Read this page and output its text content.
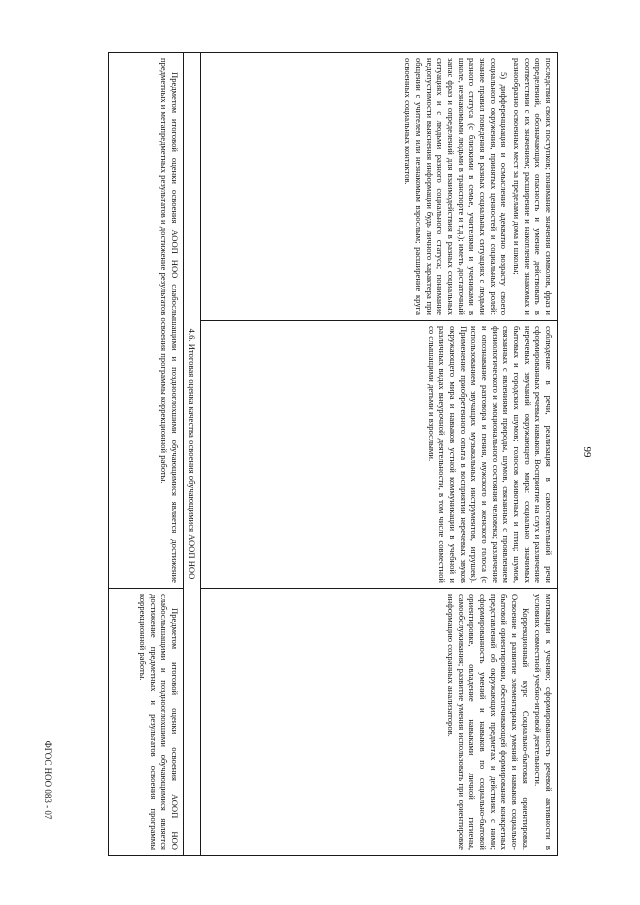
99
ФГОС НОО 083 - 07

последствия своих поступков; понимание значения символов, фраз и определений, обозначающих опасность и умение действовать в соответствии с их значением; расширение и накопление знакомых и разнообразно освоенных мест за пределами дома и школы;

5) дифференциация и осмысление адекватно возрасту своего социального окружения, принятых ценностей и социальных ролей: знание правил поведения в разных социальных ситуациях с людьми разного статуса (с близкими в семье, учителями и учениками в школе, незнакомыми людьми в транспорте и т.д.); иметь достаточный запас фраз и определений для взаимодействия в разных социальных ситуациях и с людьми разного социального статуса; понимание недопустимости выяснения информации будь личного характера при общении с учителем или незнакомым взрослым; расширение круга освоенных социальных контактов.

соблюдение в речи, реализация в самостоятельной речи сформированных речевых навыков. Восприятие на слух и различение неречевых звучаний окружающего мира: социально значимых бытовых и городских шумов; голосов животных и птиц; шумов, связанных с явлениями природы, шумов, связанных с проявлением физиологического и эмоционального состояния человека; различение и опознавание разговора и пения, мужского и женского голоса (с использованием звучащих музыкальных инструментов, игрушек). Применение приобретенного опыта в восприятии неречевых звуков окружающего мира и навыков устной коммуникации в учебной и различных видах внеурочной деятельности, в том числе совместной со слышащими детьми и взрослыми.

мотивации к учению; сформированность речевой активности в условиях совместной учебно-игровой деятельности.

Коррекционный курс Социально-бытовая ориентировка. Освоение и развитие элементарных умений и навыков социально-бытовой ориентировки, обеспечивающей формирование конкретных представлений об окружающих предметах и действиях с ними; сформированность умений и навыков по социально-бытовой ориентировке, овладение навыками личной гигиены, самообслуживания; развитие умения использовать при ориентировке информацию сохранных анализаторов.

4.6. Итоговая оценка качества освоения обучающимися АООП НОО

Предметом итоговой оценки освоения АООП НОО слабослышащими и позднооглохшими обучающимися является достижение предметных и метапредметных результатов и достижение результатов освоения программы коррекционной работы.

Предметом итоговой оценки освоения АООП НОО слабослышащими и позднооглохшими обучающимися является достижение предметных и результатов освоения программы коррекционной работы.
